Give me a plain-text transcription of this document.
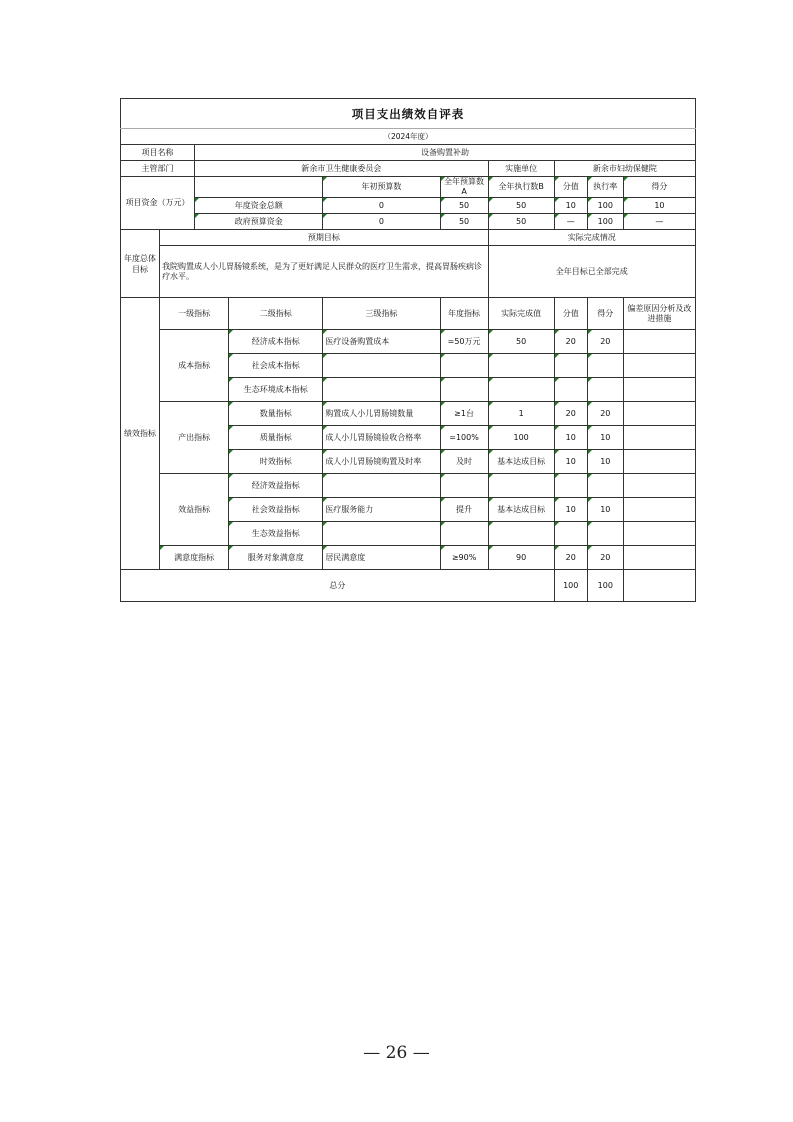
项目支出绩效自评表									
（2024年度）									
项目名称		设备购置补助							
主管部门		新余市卫生健康委员会				实施单位	新余市妇幼保健院		
项目资金（万元）				年初预算数	全年预算数A	全年执行数B	分值	执行率	得分
		年度资金总额		0	50	50	10	100	10
		政府预算资金		0	50	50	—	100	—
年度总体目标	预期目标					实际完成情况			
	我院购置成人小儿胃肠镜系统，是为了更好满足人民群众的医疗卫生需求，提高胃肠疾病诊疗水平。					全年目标已全部完成			
绩效指标	一级指标		二级指标	三级指标	年度指标	实际完成值	分值	得分	偏差原因分析及改进措施
	成本指标		经济成本指标	医疗设备购置成本	=50万元	50	20	20	
			社会成本指标						
			生态环境成本指标						
	产出指标		数量指标	购置成人小儿胃肠镜数量	≥1台	1	20	20	
			质量指标	成人小儿胃肠镜验收合格率	=100%	100	10	10	
			时效指标	成人小儿胃肠镜购置及时率	及时	基本达成目标	10	10	
	效益指标		经济效益指标						
			社会效益指标	医疗服务能力	提升	基本达成目标	10	10	
			生态效益指标						
	满意度指标		服务对象满意度	居民满意度	≥90%	90	20	20	
总分							100	100	
— 26 —
